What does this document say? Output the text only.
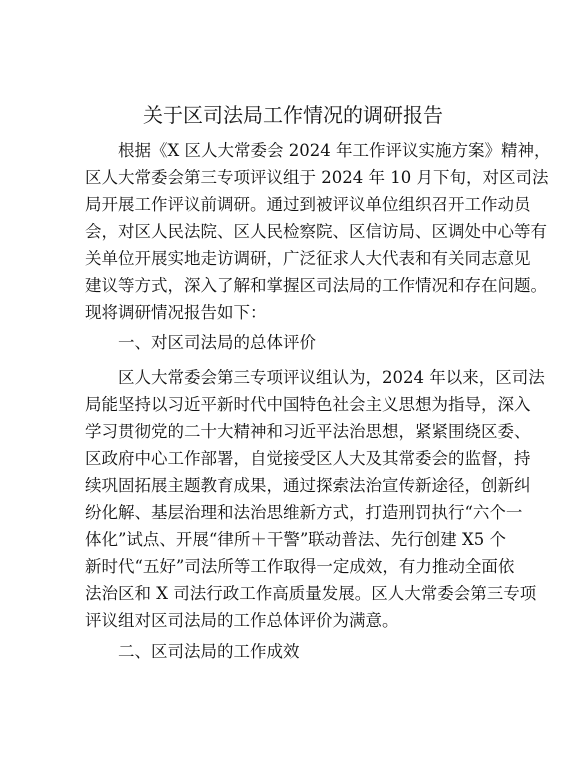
关于区司法局工作情况的调研报告
根据《X 区人大常委会 2024 年工作评议实施方案》精神，
区人大常委会第三专项评议组于 2024 年 10 月下旬，对区司法
局开展工作评议前调研。通过到被评议单位组织召开工作动员
会，对区人民法院、区人民检察院、区信访局、区调处中心等有
关单位开展实地走访调研，广泛征求人大代表和有关同志意见
建议等方式，深入了解和掌握区司法局的工作情况和存在问题。
现将调研情况报告如下：
一、对区司法局的总体评价
区人大常委会第三专项评议组认为，2024 年以来，区司法
局能坚持以习近平新时代中国特色社会主义思想为指导，深入
学习贯彻党的二十大精神和习近平法治思想，紧紧围绕区委、
区政府中心工作部署，自觉接受区人大及其常委会的监督，持
续巩固拓展主题教育成果，通过探索法治宣传新途径，创新纠
纷化解、基层治理和法治思维新方式，打造刑罚执行“六个一
体化”试点、开展“律所＋干警”联动普法、先行创建 X5 个
新时代“五好”司法所等工作取得一定成效，有力推动全面依
法治区和 X 司法行政工作高质量发展。区人大常委会第三专项
评议组对区司法局的工作总体评价为满意。
二、区司法局的工作成效
